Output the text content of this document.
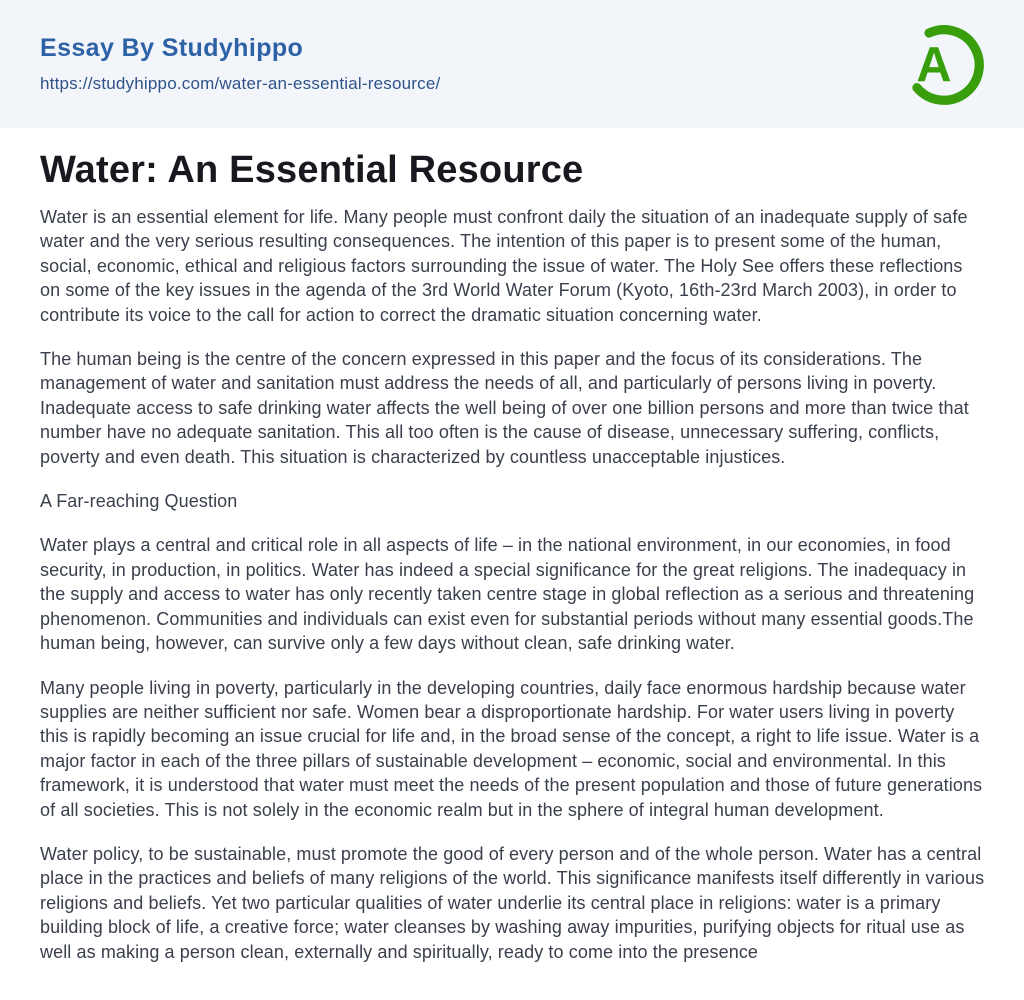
Essay By Studyhippo
https://studyhippo.com/water-an-essential-resource/	A
Water: An Essential Resource

Water is an essential element for life. Many people must confront daily the situation of an inadequate supply of safe water and the very serious resulting consequences. The intention of this paper is to present some of the human, social, economic, ethical and religious factors surrounding the issue of water. The Holy See offers these reflections on some of the key issues in the agenda of the 3rd World Water Forum (Kyoto, 16th-23rd March 2003), in order to contribute its voice to the call for action to correct the dramatic situation concerning water.

The human being is the centre of the concern expressed in this paper and the focus of its considerations. The management of water and sanitation must address the needs of all, and particularly of persons living in poverty. Inadequate access to safe drinking water affects the well being of over one billion persons and more than twice that number have no adequate sanitation. This all too often is the cause of disease, unnecessary suffering, conflicts, poverty and even death. This situation is characterized by countless unacceptable injustices.

A Far-reaching Question

Water plays a central and critical role in all aspects of life – in the national environment, in our economies, in food security, in production, in politics. Water has indeed a special significance for the great religions. The inadequacy in the supply and access to water has only recently taken centre stage in global reflection as a serious and threatening phenomenon. Communities and individuals can exist even for substantial periods without many essential goods.The human being, however, can survive only a few days without clean, safe drinking water.

Many people living in poverty, particularly in the developing countries, daily face enormous hardship because water supplies are neither sufficient nor safe. Women bear a disproportionate hardship. For water users living in poverty this is rapidly becoming an issue crucial for life and, in the broad sense of the concept, a right to life issue. Water is a major factor in each of the three pillars of sustainable development – economic, social and environmental. In this framework, it is understood that water must meet the needs of the present population and those of future generations of all societies. This is not solely in the economic realm but in the sphere of integral human development.

Water policy, to be sustainable, must promote the good of every person and of the whole person. Water has a central place in the practices and beliefs of many religions of the world. This significance manifests itself differently in various religions and beliefs. Yet two particular qualities of water underlie its central place in religions: water is a primary building block of life, a creative force; water cleanses by washing away impurities, purifying objects for ritual use as well as making a person clean, externally and spiritually, ready to come into the presence
